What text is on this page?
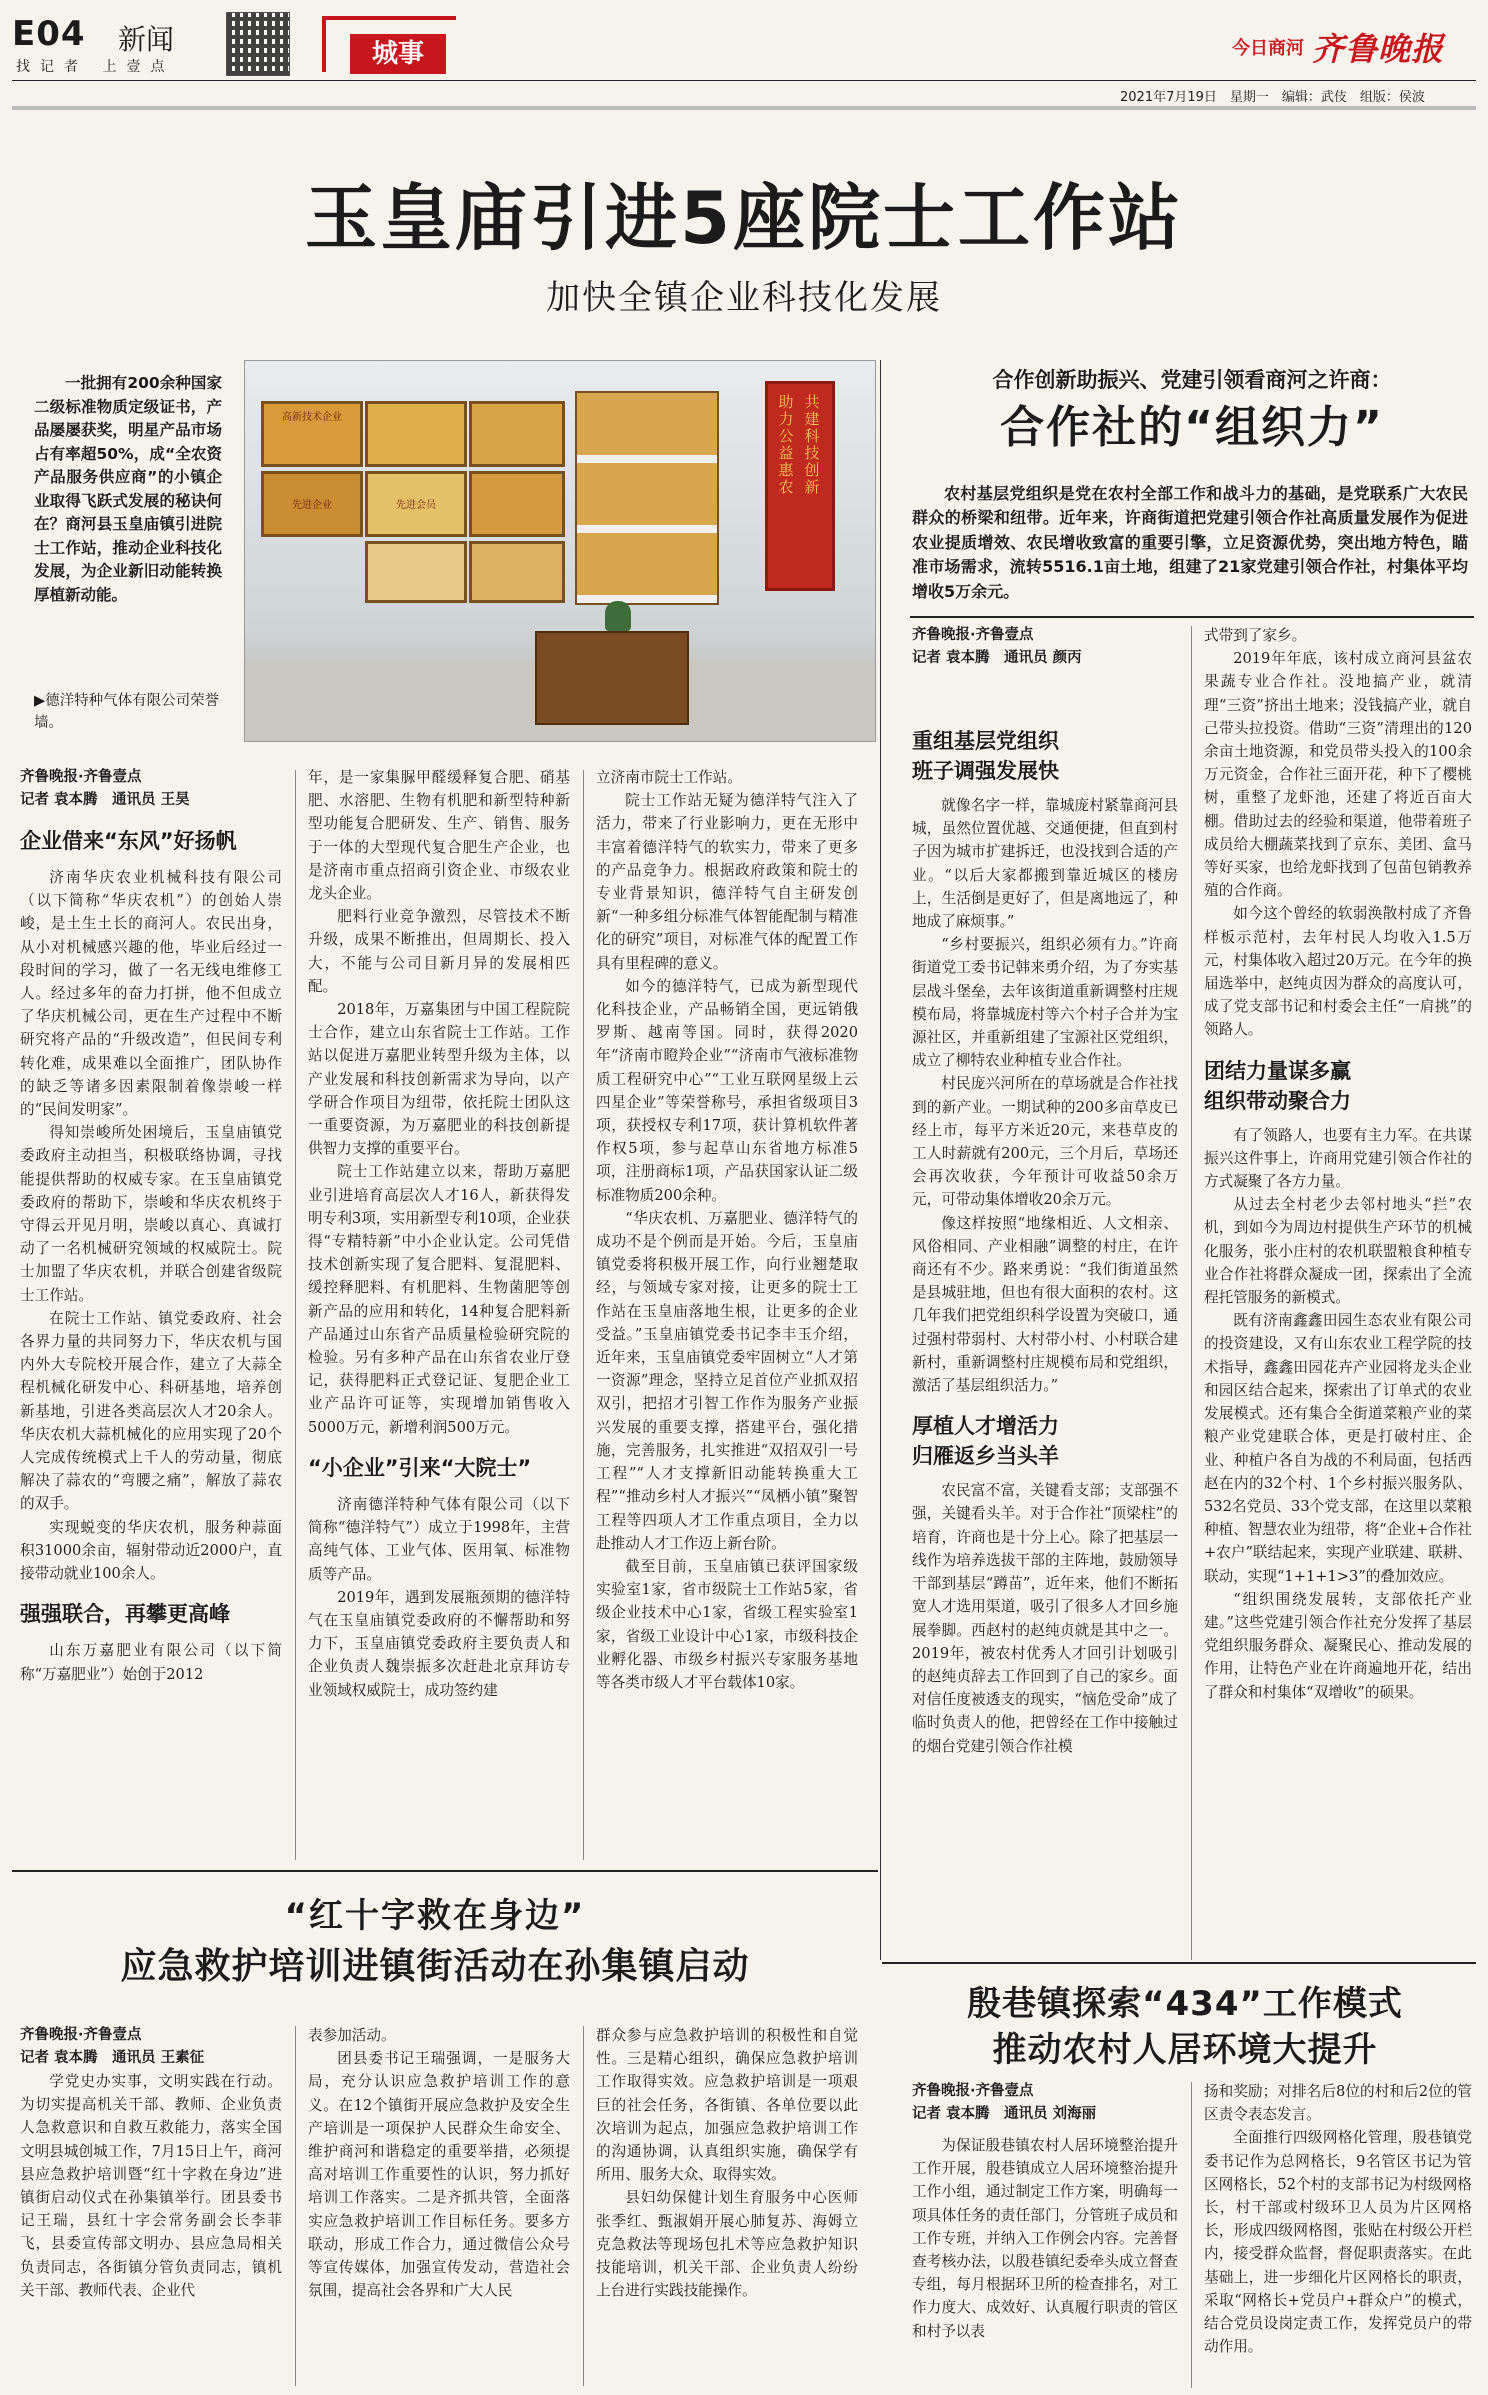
E04 新闻
找记者 上壹点	城事	今日商河 齐鲁晚报
2021年7月19日　星期一　编辑：武伎　组版：侯波
玉皇庙引进5座院士工作站
加快全镇企业科技化发展
一批拥有200余种国家二级标准物质定级证书，产品屡屡获奖，明星产品市场占有率超50%，成“全农资产品服务供应商”的小镇企业取得飞跃式发展的秘诀何在？商河县玉皇庙镇引进院士工作站，推动企业科技化发展，为企业新旧动能转换厚植新动能。
▶德洋特种气体有限公司荣誉墙。
高新技术企业
先进企业	先进会员
共建科技创新
助力公益惠农
齐鲁晚报·齐鲁壹点
记者 袁本腾　通讯员 王昊
企业借来“东风”好扬帆

济南华庆农业机械科技有限公司（以下简称“华庆农机”）的创始人崇峻，是土生土长的商河人。农民出身，从小对机械感兴趣的他，毕业后经过一段时间的学习，做了一名无线电维修工人。经过多年的奋力打拼，他不但成立了华庆机械公司，更在生产过程中不断研究将产品的“升级改造”，但民间专利转化难，成果难以全面推广，团队协作的缺乏等诸多因素限制着像崇峻一样的“民间发明家”。

得知崇峻所处困境后，玉皇庙镇党委政府主动担当，积极联络协调，寻找能提供帮助的权威专家。在玉皇庙镇党委政府的帮助下，崇峻和华庆农机终于守得云开见月明，崇峻以真心、真诚打动了一名机械研究领域的权威院士。院士加盟了华庆农机，并联合创建省级院士工作站。

在院士工作站、镇党委政府、社会各界力量的共同努力下，华庆农机与国内外大专院校开展合作，建立了大蒜全程机械化研发中心、科研基地，培养创新基地，引进各类高层次人才20余人。华庆农机大蒜机械化的应用实现了20个人完成传统模式上千人的劳动量，彻底解决了蒜农的“弯腰之痛”，解放了蒜农的双手。

实现蜕变的华庆农机，服务种蒜面积31000余亩，辐射带动近2000户，直接带动就业100余人。

强强联合，再攀更高峰

山东万嘉肥业有限公司（以下简称“万嘉肥业”）始创于2012

年，是一家集脲甲醛缓释复合肥、硝基肥、水溶肥、生物有机肥和新型特种新型功能复合肥研发、生产、销售、服务于一体的大型现代复合肥生产企业，也是济南市重点招商引资企业、市级农业龙头企业。

肥料行业竞争激烈，尽管技术不断升级，成果不断推出，但周期长、投入大，不能与公司目新月异的发展相匹配。

2018年，万嘉集团与中国工程院院士合作，建立山东省院士工作站。工作站以促进万嘉肥业转型升级为主体，以产业发展和科技创新需求为导向，以产学研合作项目为纽带，依托院士团队这一重要资源，为万嘉肥业的科技创新提供智力支撑的重要平台。

院士工作站建立以来，帮助万嘉肥业引进培育高层次人才16人，新获得发明专利3项，实用新型专利10项，企业获得“专精特新”中小企业认定。公司凭借技术创新实现了复合肥料、复混肥料、缓控释肥料、有机肥料、生物菌肥等创新产品的应用和转化，14种复合肥料新产品通过山东省产品质量检验研究院的检验。另有多种产品在山东省农业厅登记，获得肥料正式登记证、复肥企业工业产品许可证等，实现增加销售收入5000万元，新增利润500万元。

“小企业”引来“大院士”

济南德洋特种气体有限公司（以下简称“德洋特气”）成立于1998年，主营高纯气体、工业气体、医用氧、标准物质等产品。

2019年，遇到发展瓶颈期的德洋特气在玉皇庙镇党委政府的不懈帮助和努力下，玉皇庙镇党委政府主要负责人和企业负责人魏崇振多次赶赴北京拜访专业领域权威院士，成功签约建

立济南市院士工作站。

院士工作站无疑为德洋特气注入了活力，带来了行业影响力，更在无形中丰富着德洋特气的软实力，带来了更多的产品竞争力。根据政府政策和院士的专业背景知识，德洋特气自主研发创新“一种多组分标准气体智能配制与精准化的研究”项目，对标准气体的配置工作具有里程碑的意义。

如今的德洋特气，已成为新型现代化科技企业，产品畅销全国，更远销俄罗斯、越南等国。同时，获得2020年“济南市瞪羚企业”“济南市气液标准物质工程研究中心”“工业互联网星级上云四星企业”等荣誉称号，承担省级项目3项，获授权专利17项，获计算机软件著作权5项，参与起草山东省地方标准5项，注册商标1项，产品获国家认证二级标准物质200余种。

“华庆农机、万嘉肥业、德洋特气的成功不是个例而是开始。今后，玉皇庙镇党委将积极开展工作，向行业翘楚取经，与领域专家对接，让更多的院士工作站在玉皇庙落地生根，让更多的企业受益。”玉皇庙镇党委书记李丰玉介绍，近年来，玉皇庙镇党委牢固树立“人才第一资源”理念，坚持立足首位产业抓双招双引，把招才引智工作作为服务产业振兴发展的重要支撑，搭建平台，强化措施，完善服务，扎实推进“双招双引一号工程”“人才支撑新旧动能转换重大工程”“推动乡村人才振兴”“凤栖小镇”聚智工程等四项人才工作重点项目，全力以赴推动人才工作迈上新台阶。

截至目前，玉皇庙镇已获评国家级实验室1家，省市级院士工作站5家，省级企业技术中心1家，省级工程实验室1家，省级工业设计中心1家，市级科技企业孵化器、市级乡村振兴专家服务基地等各类市级人才平台载体10家。

合作创新助振兴、党建引领看商河之许商：
合作社的“组织力”
农村基层党组织是党在农村全部工作和战斗力的基础，是党联系广大农民群众的桥梁和纽带。近年来，许商街道把党建引领合作社高质量发展作为促进农业提质增效、农民增收致富的重要引擎，立足资源优势，突出地方特色，瞄准市场需求，流转5516.1亩土地，组建了21家党建引领合作社，村集体平均增收5万余元。
齐鲁晚报·齐鲁壹点
记者 袁本腾　通讯员 颜丙
重组基层党组织
班子调强发展快

就像名字一样，靠城庞村紧靠商河县城，虽然位置优越、交通便捷，但直到村子因为城市扩建拆迁，也没找到合适的产业。“以后大家都搬到靠近城区的楼房上，生活倒是更好了，但是离地远了，种地成了麻烦事。”

“乡村要振兴，组织必须有力。”许商街道党工委书记韩来勇介绍，为了夯实基层战斗堡垒，去年该街道重新调整村庄规模布局，将靠城庞村等六个村子合并为宝源社区，并重新组建了宝源社区党组织，成立了柳特农业种植专业合作社。

村民庞兴河所在的草场就是合作社找到的新产业。一期试种的200多亩草皮已经上市，每平方米近20元，来巷草皮的工人时薪就有200元，三个月后，草场还会再次收获，今年预计可收益50余万元，可带动集体增收20余万元。

像这样按照“地缘相近、人文相亲、风俗相同、产业相融”调整的村庄，在许商还有不少。路来勇说：“我们街道虽然是县城驻地，但也有很大面积的农村。这几年我们把党组织科学设置为突破口，通过强村带弱村、大村带小村、小村联合建新村，重新调整村庄规模布局和党组织，激活了基层组织活力。”

厚植人才增活力
归雁返乡当头羊

农民富不富，关键看支部；支部强不强，关键看头羊。对于合作社“顶梁柱”的培育，许商也是十分上心。除了把基层一线作为培养选拔干部的主阵地，鼓励领导干部到基层“蹲苗”，近年来，他们不断拓宽人才选用渠道，吸引了很多人才回乡施展拳脚。西赵村的赵纯贞就是其中之一。2019年，被农村优秀人才回引计划吸引的赵纯贞辞去工作回到了自己的家乡。面对信任度被透支的现实，“恼危受命”成了临时负责人的他，把曾经在工作中接触过的烟台党建引领合作社模

式带到了家乡。

2019年年底，该村成立商河县盆农果蔬专业合作社。没地搞产业，就清理“三资”挤出土地来；没钱搞产业，就自己带头拉投资。借助“三资”清理出的120余亩土地资源，和党员带头投入的100余万元资金，合作社三面开花，种下了樱桃树，重整了龙虾池，还建了将近百亩大棚。借助过去的经验和渠道，他带着班子成员给大棚蔬菜找到了京东、美团、盒马等好买家，也给龙虾找到了包苗包销教养殖的合作商。

如今这个曾经的软弱涣散村成了齐鲁样板示范村，去年村民人均收入1.5万元，村集体收入超过20万元。在今年的换届选举中，赵纯贞因为群众的高度认可，成了党支部书记和村委会主任“一肩挑”的领路人。

团结力量谋多赢
组织带动聚合力

有了领路人，也要有主力军。在共谋振兴这件事上，许商用党建引领合作社的方式凝聚了各方力量。

从过去全村老少去邻村地头“拦”农机，到如今为周边村提供生产环节的机械化服务，张小庄村的农机联盟粮食种植专业合作社将群众凝成一团，探索出了全流程托管服务的新模式。

既有济南鑫鑫田园生态农业有限公司的投资建设，又有山东农业工程学院的技术指导，鑫鑫田园花卉产业园将龙头企业和园区结合起来，探索出了订单式的农业发展模式。还有集合全街道菜粮产业的菜粮产业党建联合体，更是打破村庄、企业、种植户各自为战的不利局面，包括西赵在内的32个村、1个乡村振兴服务队、532名党员、33个党支部，在这里以菜粮种植、智慧农业为纽带，将“企业+合作社+农户”联结起来，实现产业联建、联耕、联动，实现“1+1+1>3”的叠加效应。

“组织围绕发展转，支部依托产业建。”这些党建引领合作社充分发挥了基层党组织服务群众、凝聚民心、推动发展的作用，让特色产业在许商遍地开花，结出了群众和村集体“双增收”的硕果。

“红十字救在身边”
应急救护培训进镇街活动在孙集镇启动
齐鲁晚报·齐鲁壹点
记者 袁本腾　通讯员 王素征

学党史办实事，文明实践在行动。为切实提高机关干部、教师、企业负责人急救意识和自救互救能力，落实全国文明县城创城工作，7月15日上午，商河县应急救护培训暨“红十字救在身边”进镇街启动仪式在孙集镇举行。团县委书记王瑞，县红十字会常务副会长李菲飞，县委宣传部文明办、县应急局相关负责同志，各街镇分管负责同志，镇机关干部、教师代表、企业代

表参加活动。

团县委书记王瑞强调，一是服务大局，充分认识应急救护培训工作的意义。在12个镇街开展应急救护及安全生产培训是一项保护人民群众生命安全、维护商河和谐稳定的重要举措，必须提高对培训工作重要性的认识，努力抓好培训工作落实。二是齐抓共管，全面落实应急救护培训工作目标任务。要多方联动，形成工作合力，通过微信公众号等宣传媒体，加强宣传发动，营造社会氛围，提高社会各界和广大人民

群众参与应急救护培训的积极性和自觉性。三是精心组织，确保应急救护培训工作取得实效。应急救护培训是一项艰巨的社会任务，各街镇、各单位要以此次培训为起点，加强应急救护培训工作的沟通协调，认真组织实施，确保学有所用、服务大众、取得实效。

县妇幼保健计划生育服务中心医师张季红、甄淑娟开展心肺复苏、海姆立克急救法等现场包扎术等应急救护知识技能培训，机关干部、企业负责人纷纷上台进行实践技能操作。

殷巷镇探索“434”工作模式
推动农村人居环境大提升
齐鲁晚报·齐鲁壹点
记者 袁本腾　通讯员 刘海丽

为保证殷巷镇农村人居环境整治提升工作开展，殷巷镇成立人居环境整治提升工作小组，通过制定工作方案，明确每一项具体任务的责任部门，分管班子成员和工作专班，并纳入工作例会内容。完善督查考核办法，以殷巷镇纪委牵头成立督查专组，每月根据环卫所的检查排名，对工作力度大、成效好、认真履行职责的管区和村予以表

扬和奖励；对排名后8位的村和后2位的管区责令表态发言。

全面推行四级网格化管理，殷巷镇党委书记作为总网格长，9名管区书记为管区网格长，52个村的支部书记为村级网格长，村干部或村级环卫人员为片区网格长，形成四级网格图，张贴在村级公开栏内，接受群众监督，督促职责落实。在此基础上，进一步细化片区网格长的职责，采取“网格长+党员户+群众户”的模式，结合党员设岗定责工作，发挥党员户的带动作用。
